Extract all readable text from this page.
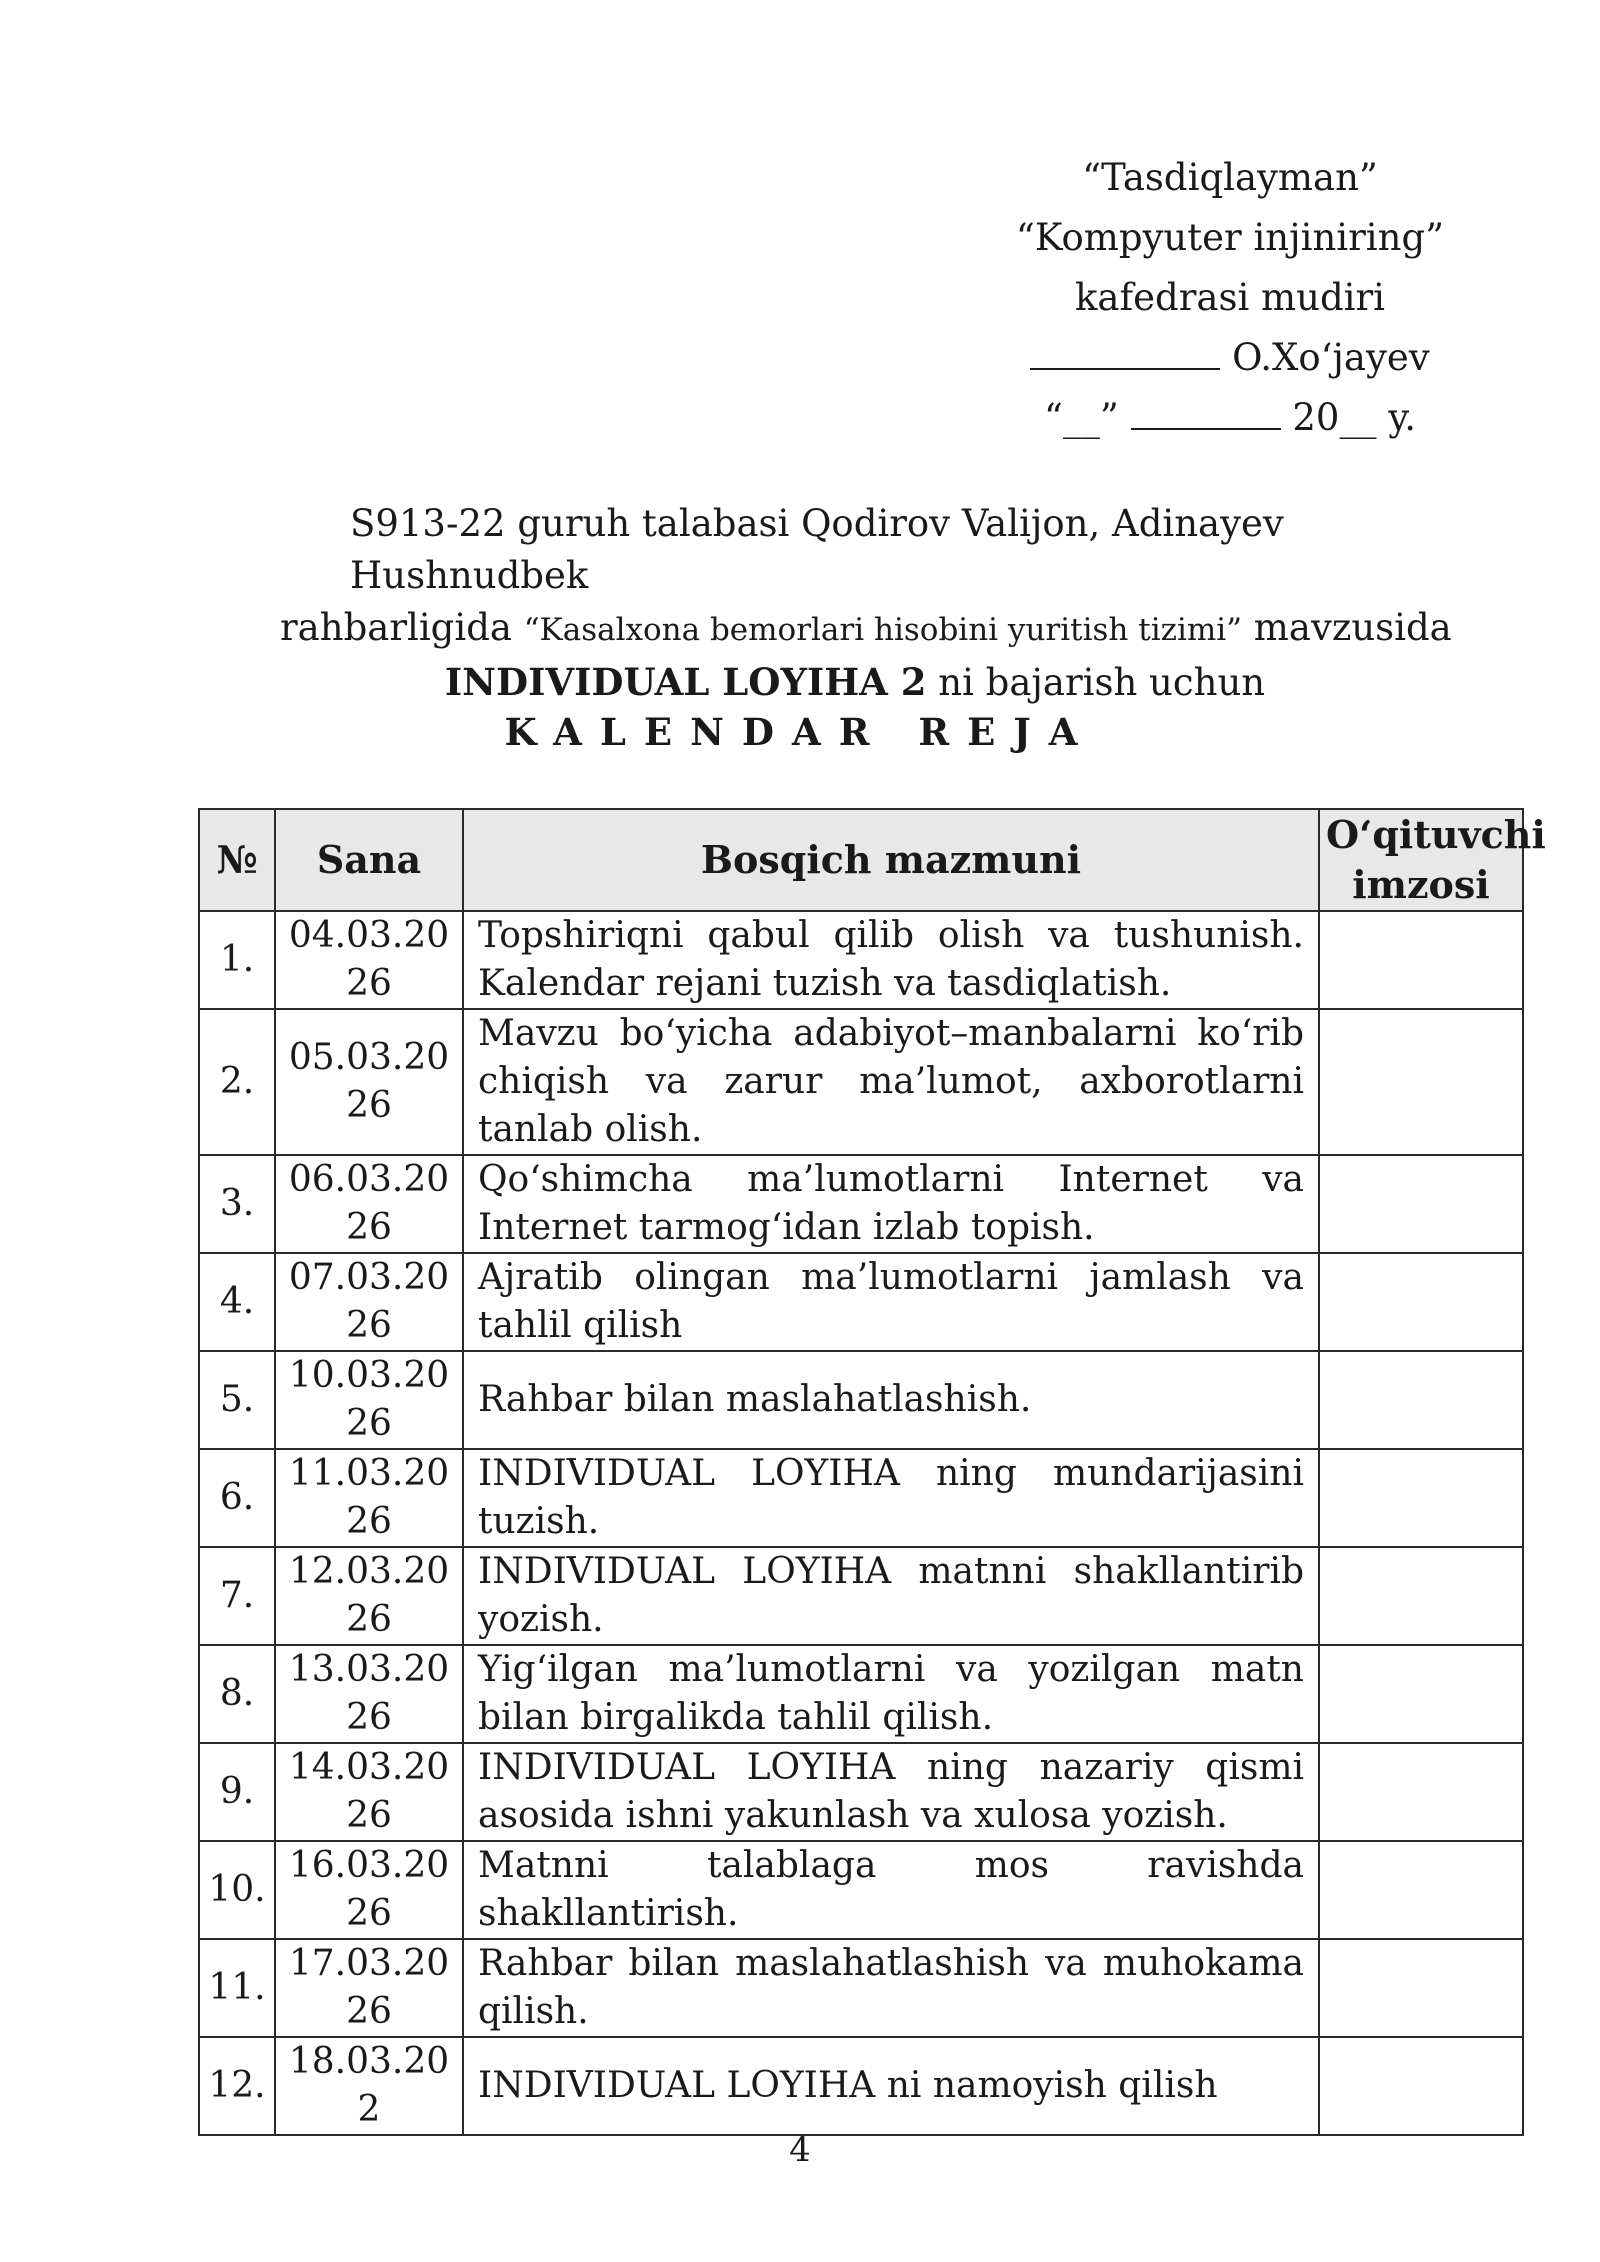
“Tasdiqlayman”
“Kompyuter injiniring”
kafedrasi mudiri
O.Xo‘jayev
“__”	20__ y.
S913-22 guruh talabasi Qodirov Valijon, Adinayev Hushnudbek
rahbarligida “Kasalxona bemorlari hisobini yuritish tizimi” mavzusida
INDIVIDUAL LOYIHA 2 ni bajarish uchun
KALENDAR REJA
№	Sana	Bosqich mazmuni	O‘qituvchi imzosi
1.	04.03.2026	Topshiriqni qabul qilib olish va tushunish. Kalendar rejani tuzish va tasdiqlatish.	
2.	05.03.2026	Mavzu bo‘yicha adabiyot–manbalarni ko‘rib chiqish va zarur ma’lumot, axborotlarni tanlab olish.	
3.	06.03.2026	Qo‘shimcha ma’lumotlarni Internet va Internet tarmog‘idan izlab topish.	
4.	07.03.2026	Ajratib olingan ma’lumotlarni jamlash va tahlil qilish	
5.	10.03.2026	Rahbar bilan maslahatlashish.	
6.	11.03.2026	INDIVIDUAL LOYIHA ning mundarijasini tuzish.	
7.	12.03.2026	INDIVIDUAL LOYIHA matnni shakllantirib yozish.	
8.	13.03.2026	Yig‘ilgan ma’lumotlarni va yozilgan matn bilan birgalikda tahlil qilish.	
9.	14.03.2026	INDIVIDUAL LOYIHA ning nazariy qismi asosida ishni yakunlash va xulosa yozish.	
10.	16.03.2026	Matnni talablaga mos ravishda shakllantirish.	
11.	17.03.2026	Rahbar bilan maslahatlashish va muhokama qilish.	
12.	18.03.202	INDIVIDUAL LOYIHA ni namoyish qilish	
4
